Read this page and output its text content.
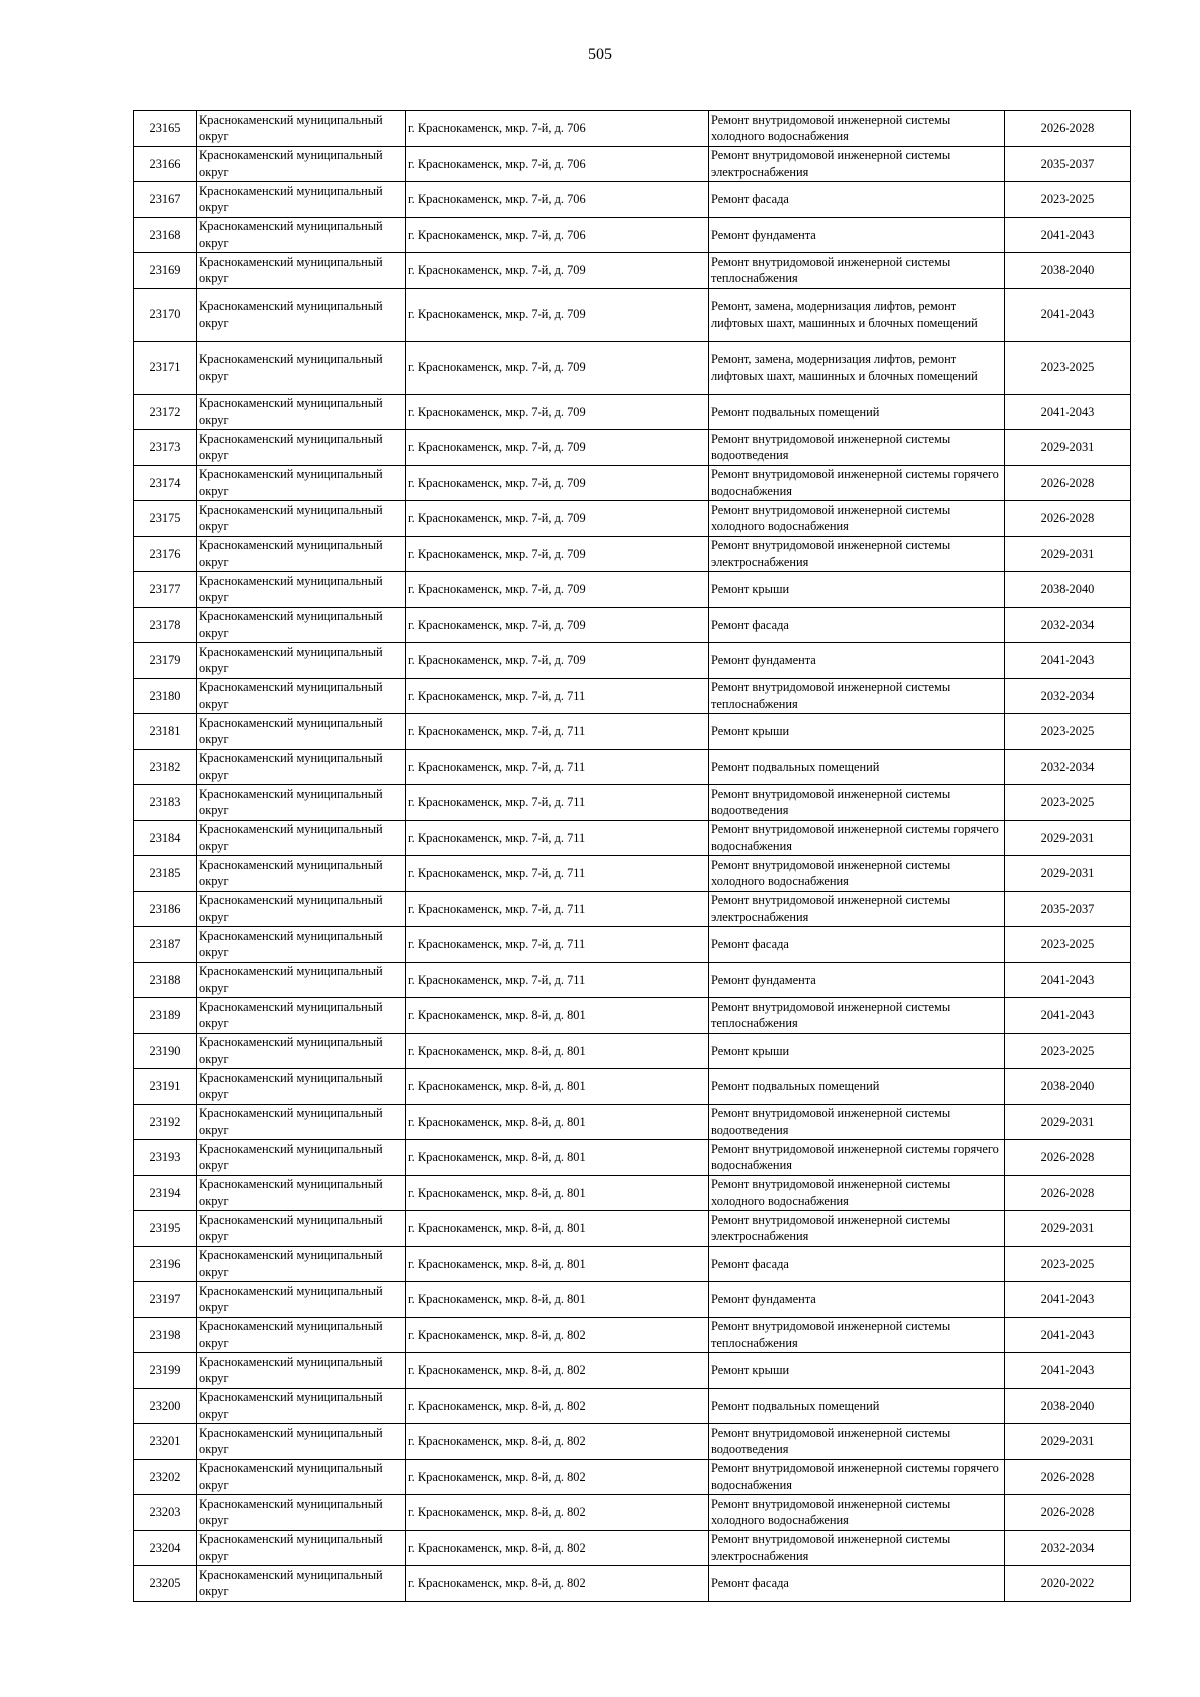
505
23165	Краснокаменский муниципальный округ	г. Краснокаменск, мкр. 7-й, д. 706	Ремонт внутридомовой инженерной системы холодного водоснабжения	2026-2028
23166	Краснокаменский муниципальный округ	г. Краснокаменск, мкр. 7-й, д. 706	Ремонт внутридомовой инженерной системы электроснабжения	2035-2037
23167	Краснокаменский муниципальный округ	г. Краснокаменск, мкр. 7-й, д. 706	Ремонт фасада	2023-2025
23168	Краснокаменский муниципальный округ	г. Краснокаменск, мкр. 7-й, д. 706	Ремонт фундамента	2041-2043
23169	Краснокаменский муниципальный округ	г. Краснокаменск, мкр. 7-й, д. 709	Ремонт внутридомовой инженерной системы теплоснабжения	2038-2040
23170	Краснокаменский муниципальный округ	г. Краснокаменск, мкр. 7-й, д. 709	Ремонт, замена, модернизация лифтов, ремонт лифтовых шахт, машинных и блочных помещений	2041-2043
23171	Краснокаменский муниципальный округ	г. Краснокаменск, мкр. 7-й, д. 709	Ремонт, замена, модернизация лифтов, ремонт лифтовых шахт, машинных и блочных помещений	2023-2025
23172	Краснокаменский муниципальный округ	г. Краснокаменск, мкр. 7-й, д. 709	Ремонт подвальных помещений	2041-2043
23173	Краснокаменский муниципальный округ	г. Краснокаменск, мкр. 7-й, д. 709	Ремонт внутридомовой инженерной системы водоотведения	2029-2031
23174	Краснокаменский муниципальный округ	г. Краснокаменск, мкр. 7-й, д. 709	Ремонт внутридомовой инженерной системы горячего водоснабжения	2026-2028
23175	Краснокаменский муниципальный округ	г. Краснокаменск, мкр. 7-й, д. 709	Ремонт внутридомовой инженерной системы холодного водоснабжения	2026-2028
23176	Краснокаменский муниципальный округ	г. Краснокаменск, мкр. 7-й, д. 709	Ремонт внутридомовой инженерной системы электроснабжения	2029-2031
23177	Краснокаменский муниципальный округ	г. Краснокаменск, мкр. 7-й, д. 709	Ремонт крыши	2038-2040
23178	Краснокаменский муниципальный округ	г. Краснокаменск, мкр. 7-й, д. 709	Ремонт фасада	2032-2034
23179	Краснокаменский муниципальный округ	г. Краснокаменск, мкр. 7-й, д. 709	Ремонт фундамента	2041-2043
23180	Краснокаменский муниципальный округ	г. Краснокаменск, мкр. 7-й, д. 711	Ремонт внутридомовой инженерной системы теплоснабжения	2032-2034
23181	Краснокаменский муниципальный округ	г. Краснокаменск, мкр. 7-й, д. 711	Ремонт крыши	2023-2025
23182	Краснокаменский муниципальный округ	г. Краснокаменск, мкр. 7-й, д. 711	Ремонт подвальных помещений	2032-2034
23183	Краснокаменский муниципальный округ	г. Краснокаменск, мкр. 7-й, д. 711	Ремонт внутридомовой инженерной системы водоотведения	2023-2025
23184	Краснокаменский муниципальный округ	г. Краснокаменск, мкр. 7-й, д. 711	Ремонт внутридомовой инженерной системы горячего водоснабжения	2029-2031
23185	Краснокаменский муниципальный округ	г. Краснокаменск, мкр. 7-й, д. 711	Ремонт внутридомовой инженерной системы холодного водоснабжения	2029-2031
23186	Краснокаменский муниципальный округ	г. Краснокаменск, мкр. 7-й, д. 711	Ремонт внутридомовой инженерной системы электроснабжения	2035-2037
23187	Краснокаменский муниципальный округ	г. Краснокаменск, мкр. 7-й, д. 711	Ремонт фасада	2023-2025
23188	Краснокаменский муниципальный округ	г. Краснокаменск, мкр. 7-й, д. 711	Ремонт фундамента	2041-2043
23189	Краснокаменский муниципальный округ	г. Краснокаменск, мкр. 8-й, д. 801	Ремонт внутридомовой инженерной системы теплоснабжения	2041-2043
23190	Краснокаменский муниципальный округ	г. Краснокаменск, мкр. 8-й, д. 801	Ремонт крыши	2023-2025
23191	Краснокаменский муниципальный округ	г. Краснокаменск, мкр. 8-й, д. 801	Ремонт подвальных помещений	2038-2040
23192	Краснокаменский муниципальный округ	г. Краснокаменск, мкр. 8-й, д. 801	Ремонт внутридомовой инженерной системы водоотведения	2029-2031
23193	Краснокаменский муниципальный округ	г. Краснокаменск, мкр. 8-й, д. 801	Ремонт внутридомовой инженерной системы горячего водоснабжения	2026-2028
23194	Краснокаменский муниципальный округ	г. Краснокаменск, мкр. 8-й, д. 801	Ремонт внутридомовой инженерной системы холодного водоснабжения	2026-2028
23195	Краснокаменский муниципальный округ	г. Краснокаменск, мкр. 8-й, д. 801	Ремонт внутридомовой инженерной системы электроснабжения	2029-2031
23196	Краснокаменский муниципальный округ	г. Краснокаменск, мкр. 8-й, д. 801	Ремонт фасада	2023-2025
23197	Краснокаменский муниципальный округ	г. Краснокаменск, мкр. 8-й, д. 801	Ремонт фундамента	2041-2043
23198	Краснокаменский муниципальный округ	г. Краснокаменск, мкр. 8-й, д. 802	Ремонт внутридомовой инженерной системы теплоснабжения	2041-2043
23199	Краснокаменский муниципальный округ	г. Краснокаменск, мкр. 8-й, д. 802	Ремонт крыши	2041-2043
23200	Краснокаменский муниципальный округ	г. Краснокаменск, мкр. 8-й, д. 802	Ремонт подвальных помещений	2038-2040
23201	Краснокаменский муниципальный округ	г. Краснокаменск, мкр. 8-й, д. 802	Ремонт внутридомовой инженерной системы водоотведения	2029-2031
23202	Краснокаменский муниципальный округ	г. Краснокаменск, мкр. 8-й, д. 802	Ремонт внутридомовой инженерной системы горячего водоснабжения	2026-2028
23203	Краснокаменский муниципальный округ	г. Краснокаменск, мкр. 8-й, д. 802	Ремонт внутридомовой инженерной системы холодного водоснабжения	2026-2028
23204	Краснокаменский муниципальный округ	г. Краснокаменск, мкр. 8-й, д. 802	Ремонт внутридомовой инженерной системы электроснабжения	2032-2034
23205	Краснокаменский муниципальный округ	г. Краснокаменск, мкр. 8-й, д. 802	Ремонт фасада	2020-2022
